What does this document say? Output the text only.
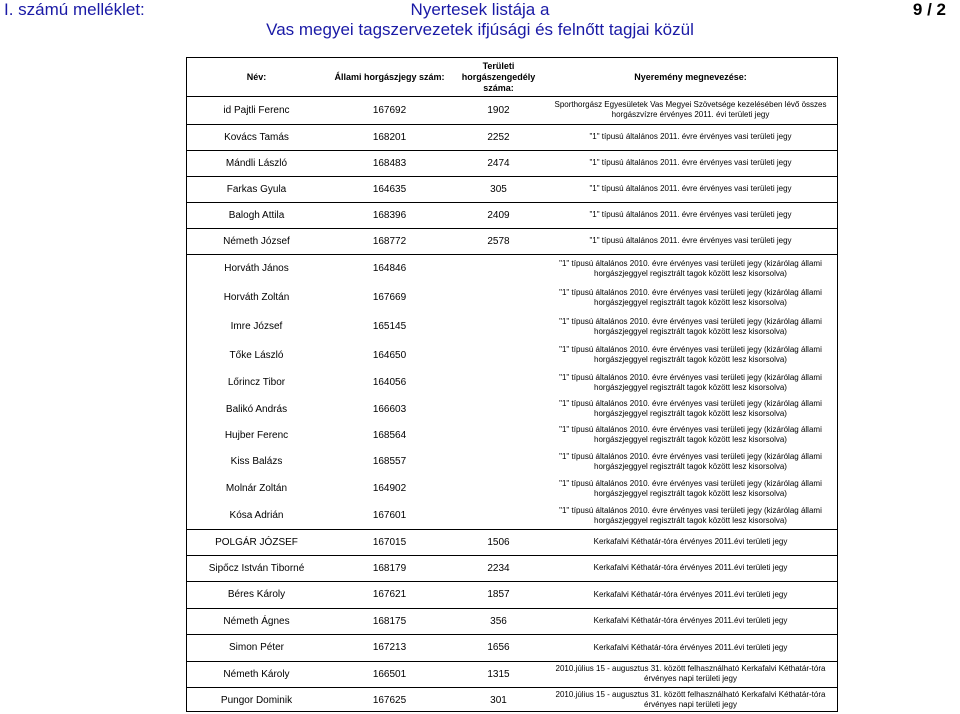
I. számú melléklet:	Nyertesek listája a
Vas megyei tagszervezetek ifjúsági és felnőtt tagjai közül
9 / 2
Név:	Állami horgászjegy szám:
Területi horgászengedély száma:
Nyeremény megnevezése:
id Pajtli Ferenc	167692	1902	Sporthorgász Egyesületek Vas Megyei Szövetsége kezelésében lévő összes horgászvízre érvényes 2011. évi területi jegy
Kovács Tamás	168201	2252	"1" típusú általános 2011. évre érvényes vasi területi jegy
Mándli László	168483	2474	"1" típusú általános 2011. évre érvényes vasi területi jegy
Farkas Gyula	164635	305	"1" típusú általános 2011. évre érvényes vasi területi jegy
Balogh Attila	168396	2409	"1" típusú általános 2011. évre érvényes vasi területi jegy
Németh József	168772	2578	"1" típusú általános 2011. évre érvényes vasi területi jegy
Horváth János	164846	"1" típusú általános 2010. évre érvényes vasi területi jegy (kizárólag állami horgászjeggyel regisztrált tagok között lesz kisorsolva)
Horváth Zoltán	167669	"1" típusú általános 2010. évre érvényes vasi területi jegy (kizárólag állami horgászjeggyel regisztrált tagok között lesz kisorsolva)
Imre József	165145	"1" típusú általános 2010. évre érvényes vasi területi jegy (kizárólag állami horgászjeggyel regisztrált tagok között lesz kisorsolva)
Tőke László	164650	"1" típusú általános 2010. évre érvényes vasi területi jegy (kizárólag állami horgászjeggyel regisztrált tagok között lesz kisorsolva)
Lőrincz Tibor	164056	"1" típusú általános 2010. évre érvényes vasi területi jegy (kizárólag állami horgászjeggyel regisztrált tagok között lesz kisorsolva)
Balikó András	166603	"1" típusú általános 2010. évre érvényes vasi területi jegy (kizárólag állami horgászjeggyel regisztrált tagok között lesz kisorsolva)
Hujber Ferenc	168564	"1" típusú általános 2010. évre érvényes vasi területi jegy (kizárólag állami horgászjeggyel regisztrált tagok között lesz kisorsolva)
Kiss Balázs	168557	"1" típusú általános 2010. évre érvényes vasi területi jegy (kizárólag állami horgászjeggyel regisztrált tagok között lesz kisorsolva)
Molnár Zoltán	164902	"1" típusú általános 2010. évre érvényes vasi területi jegy (kizárólag állami horgászjeggyel regisztrált tagok között lesz kisorsolva)
Kósa Adrián	167601	"1" típusú általános 2010. évre érvényes vasi területi jegy (kizárólag állami horgászjeggyel regisztrált tagok között lesz kisorsolva)
POLGÁR JÓZSEF	167015	1506	Kerkafalvi Kéthatár-tóra érvényes 2011.évi területi jegy
Sipőcz István Tiborné	168179	2234	Kerkafalvi Kéthatár-tóra érvényes 2011.évi területi jegy
Béres Károly	167621	1857	Kerkafalvi Kéthatár-tóra érvényes 2011.évi területi jegy
Németh Ágnes	168175	356	Kerkafalvi Kéthatár-tóra érvényes 2011.évi területi jegy
Simon Péter	167213	1656	Kerkafalvi Kéthatár-tóra érvényes 2011.évi területi jegy
Németh Károly	166501	1315	2010.július 15 - augusztus 31. között felhasználható Kerkafalvi Kéthatár-tóra érvényes napi területi jegy
Pungor Dominik	167625	301	2010.július 15 - augusztus 31. között felhasználható Kerkafalvi Kéthatár-tóra érvényes napi területi jegy
